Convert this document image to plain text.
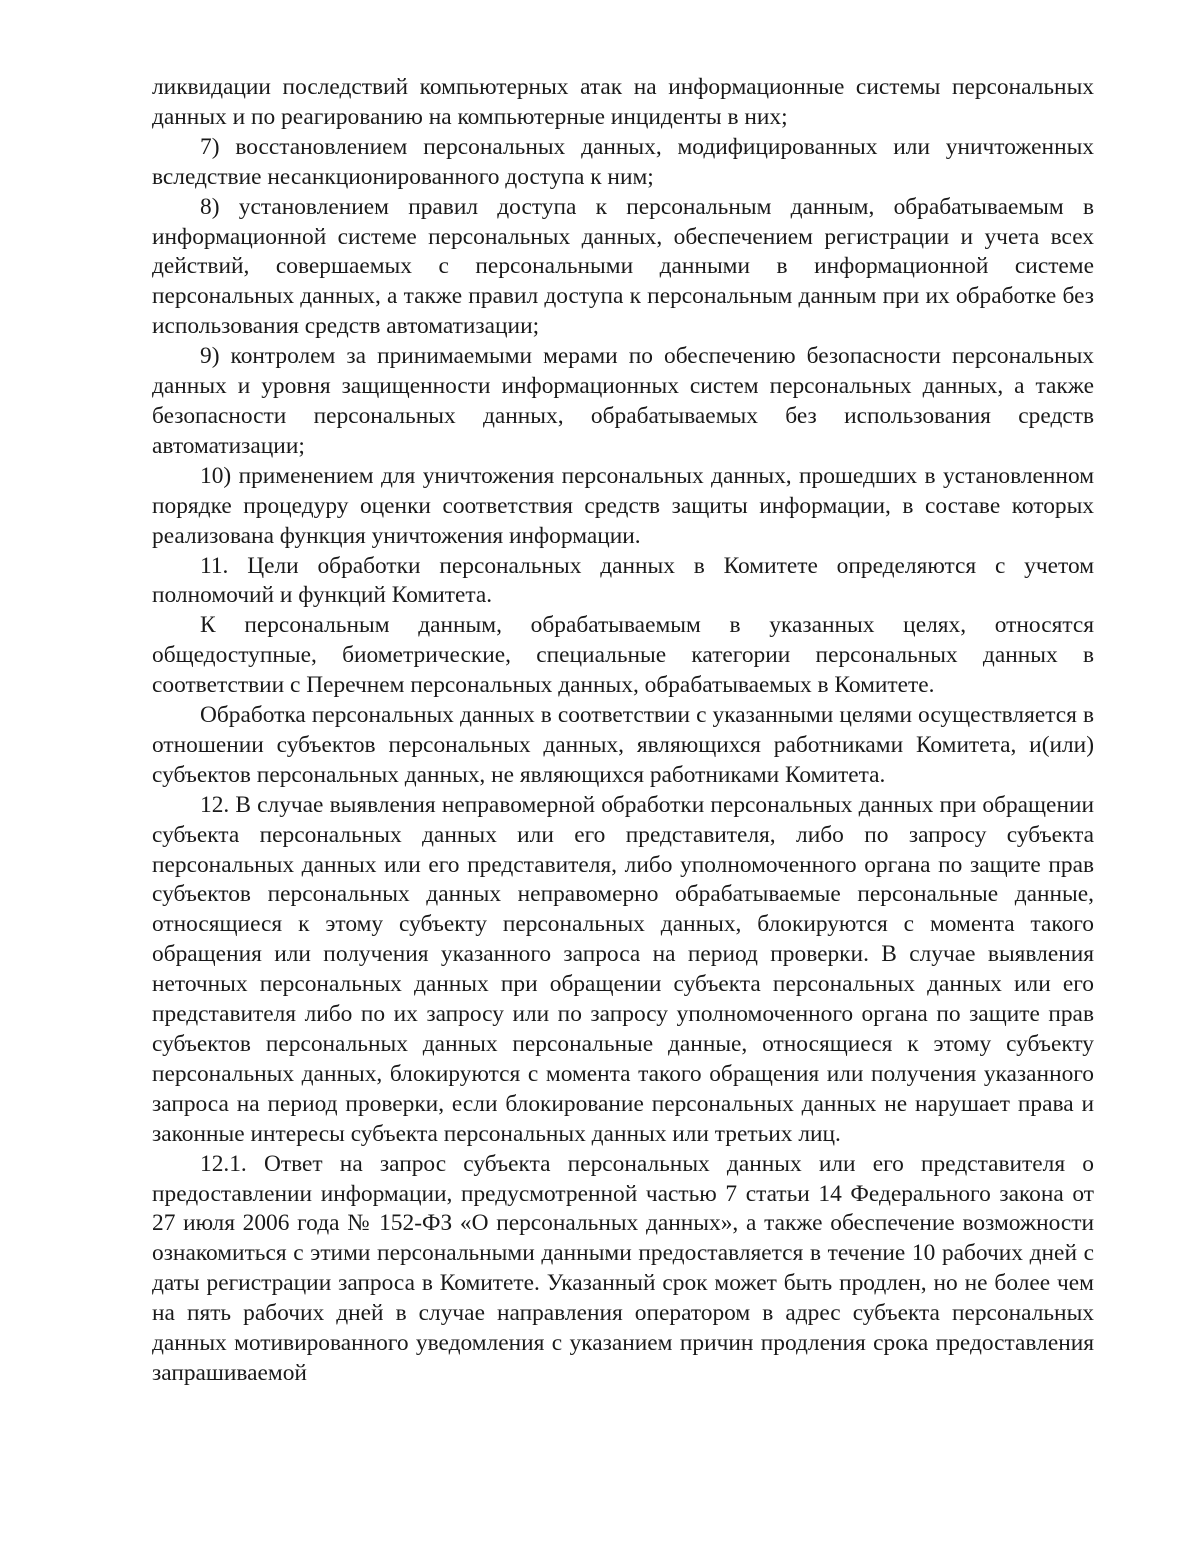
ликвидации последствий компьютерных атак на информационные системы персональных данных и по реагированию на компьютерные инциденты в них;

7) восстановлением персональных данных, модифицированных или уничтоженных вследствие несанкционированного доступа к ним;

8) установлением правил доступа к персональным данным, обрабатываемым в информационной системе персональных данных, обеспечением регистрации и учета всех действий, совершаемых с персональными данными в информационной системе персональных данных, а также правил доступа к персональным данным при их обработке без использования средств автоматизации;

9) контролем за принимаемыми мерами по обеспечению безопасности персональных данных и уровня защищенности информационных систем персональных данных, а также безопасности персональных данных, обрабатываемых без использования средств автоматизации;

10) применением для уничтожения персональных данных, прошедших в установленном порядке процедуру оценки соответствия средств защиты информации, в составе которых реализована функция уничтожения информации.

11. Цели обработки персональных данных в Комитете определяются с учетом полномочий и функций Комитета.

К персональным данным, обрабатываемым в указанных целях, относятся общедоступные, биометрические, специальные категории персональных данных в соответствии с Перечнем персональных данных, обрабатываемых в Комитете.

Обработка персональных данных в соответствии с указанными целями осуществляется в отношении субъектов персональных данных, являющихся работниками Комитета, и(или) субъектов персональных данных, не являющихся работниками Комитета.

12. В случае выявления неправомерной обработки персональных данных при обращении субъекта персональных данных или его представителя, либо по запросу субъекта персональных данных или его представителя, либо уполномоченного органа по защите прав субъектов персональных данных неправомерно обрабатываемые персональные данные, относящиеся к этому субъекту персональных данных, блокируются с момента такого обращения или получения указанного запроса на период проверки. В случае выявления неточных персональных данных при обращении субъекта персональных данных или его представителя либо по их запросу или по запросу уполномоченного органа по защите прав субъектов персональных данных персональные данные, относящиеся к этому субъекту персональных данных, блокируются с момента такого обращения или получения указанного запроса на период проверки, если блокирование персональных данных не нарушает права и законные интересы субъекта персональных данных или третьих лиц.

12.1. Ответ на запрос субъекта персональных данных или его представителя о предоставлении информации, предусмотренной частью 7 статьи 14 Федерального закона от 27 июля 2006 года № 152-ФЗ «О персональных данных», а также обеспечение возможности ознакомиться с этими персональными данными предоставляется в течение 10 рабочих дней с даты регистрации запроса в Комитете. Указанный срок может быть продлен, но не более чем на пять рабочих дней в случае направления оператором в адрес субъекта персональных данных мотивированного уведомления с указанием причин продления срока предоставления запрашиваемой
